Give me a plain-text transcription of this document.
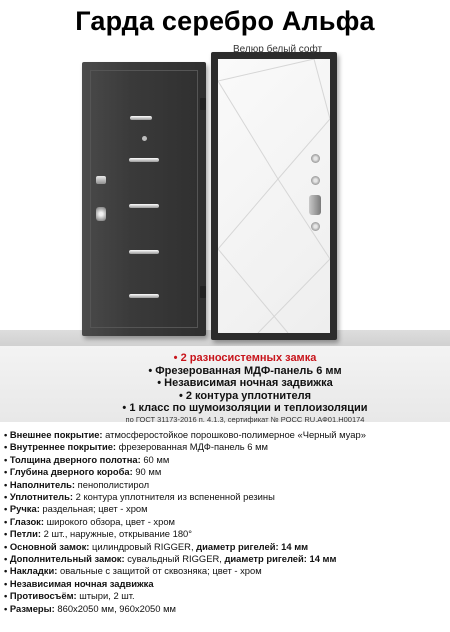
Гарда серебро Альфа
Велюр белый софт
• 2 разносистемных замка
• Фрезерованная МДФ-панель 6 мм
• Независимая ночная задвижка
• 2 контура уплотнителя
• 1 класс по шумоизоляции и теплоизоляции
по ГОСТ 31173-2016 п. 4.1.3, сертификат № РОСС RU.АФ01.Н00174
• Внешнее покрытие: атмосферостойкое порошково-полимерное «Черный муар»
• Внутреннее покрытие: фрезерованная МДФ-панель 6 мм
• Толщина дверного полотна: 60 мм
• Глубина дверного короба: 90 мм
• Наполнитель: пенополистирол
• Уплотнитель: 2 контура уплотнителя из вспененной резины
• Ручка: раздельная; цвет - хром
• Глазок: широкого обзора, цвет - хром
• Петли: 2 шт., наружные, открывание 180°
• Основной замок: цилиндровый RIGGER, диаметр ригелей: 14 мм
• Дополнительный замок: сувальдный RIGGER, диаметр ригелей: 14 мм
• Накладки: овальные с защитой от сквозняка; цвет - хром
• Независимая ночная задвижка
• Противосъём: штыри, 2 шт.
• Размеры: 860х2050 мм, 960х2050 мм
